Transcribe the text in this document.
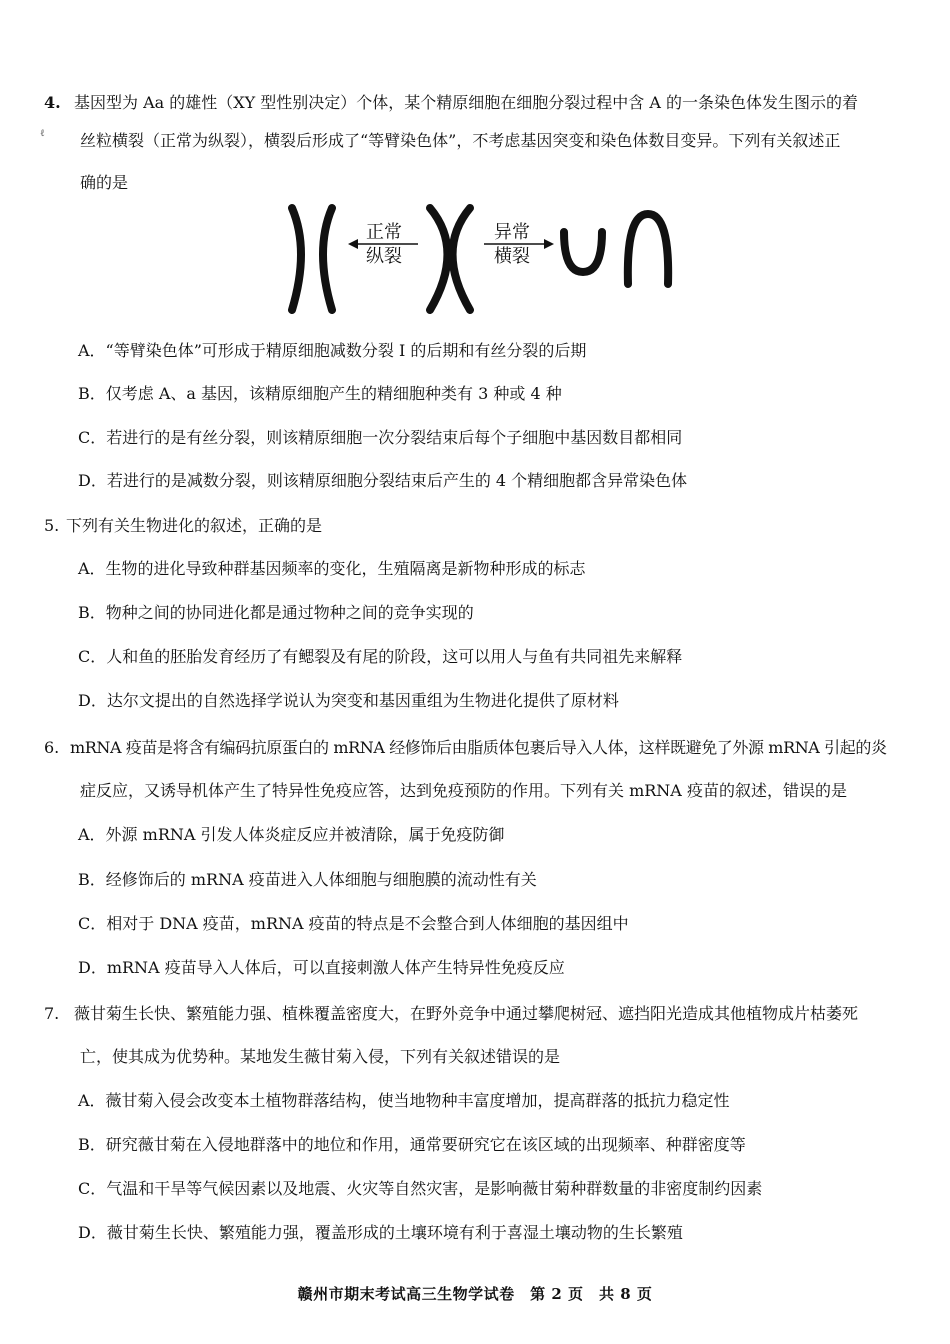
4. 基因型为 Aa 的雄性（XY 型性别决定）个体，某个精原细胞在细胞分裂过程中含 A 的一条染色体发生图示的着
ℓ 丝粒横裂（正常为纵裂），横裂后形成了“等臂染色体”，不考虑基因突变和染色体数目变异。下列有关叙述正
确的是
正常
纵裂
异常
横裂
A．“等臂染色体”可形成于精原细胞减数分裂 I 的后期和有丝分裂的后期
B．仅考虑 A、a 基因，该精原细胞产生的精细胞种类有 3 种或 4 种
C．若进行的是有丝分裂，则该精原细胞一次分裂结束后每个子细胞中基因数目都相同
D．若进行的是减数分裂，则该精原细胞分裂结束后产生的 4 个精细胞都含异常染色体
5. 下列有关生物进化的叙述，正确的是
A．生物的进化导致种群基因频率的变化，生殖隔离是新物种形成的标志
B．物种之间的协同进化都是通过物种之间的竞争实现的
C．人和鱼的胚胎发育经历了有鳃裂及有尾的阶段，这可以用人与鱼有共同祖先来解释
D．达尔文提出的自然选择学说认为突变和基因重组为生物进化提供了原材料
6. mRNA 疫苗是将含有编码抗原蛋白的 mRNA 经修饰后由脂质体包裹后导入人体，这样既避免了外源 mRNA 引起的炎
症反应，又诱导机体产生了特异性免疫应答，达到免疫预防的作用。下列有关 mRNA 疫苗的叙述，错误的是
A．外源 mRNA 引发人体炎症反应并被清除，属于免疫防御
B．经修饰后的 mRNA 疫苗进入人体细胞与细胞膜的流动性有关
C．相对于 DNA 疫苗，mRNA 疫苗的特点是不会整合到人体细胞的基因组中
D．mRNA 疫苗导入人体后，可以直接刺激人体产生特异性免疫反应
7. 薇甘菊生长快、繁殖能力强、植株覆盖密度大，在野外竞争中通过攀爬树冠、遮挡阳光造成其他植物成片枯萎死
亡，使其成为优势种。某地发生薇甘菊入侵，下列有关叙述错误的是
A．薇甘菊入侵会改变本土植物群落结构，使当地物种丰富度增加，提高群落的抵抗力稳定性
B．研究薇甘菊在入侵地群落中的地位和作用，通常要研究它在该区域的出现频率、种群密度等
C．气温和干旱等气候因素以及地震、火灾等自然灾害，是影响薇甘菊种群数量的非密度制约因素
D．薇甘菊生长快、繁殖能力强，覆盖形成的土壤环境有利于喜湿土壤动物的生长繁殖
赣州市期末考试高三生物学试卷　第 2 页　共 8 页
